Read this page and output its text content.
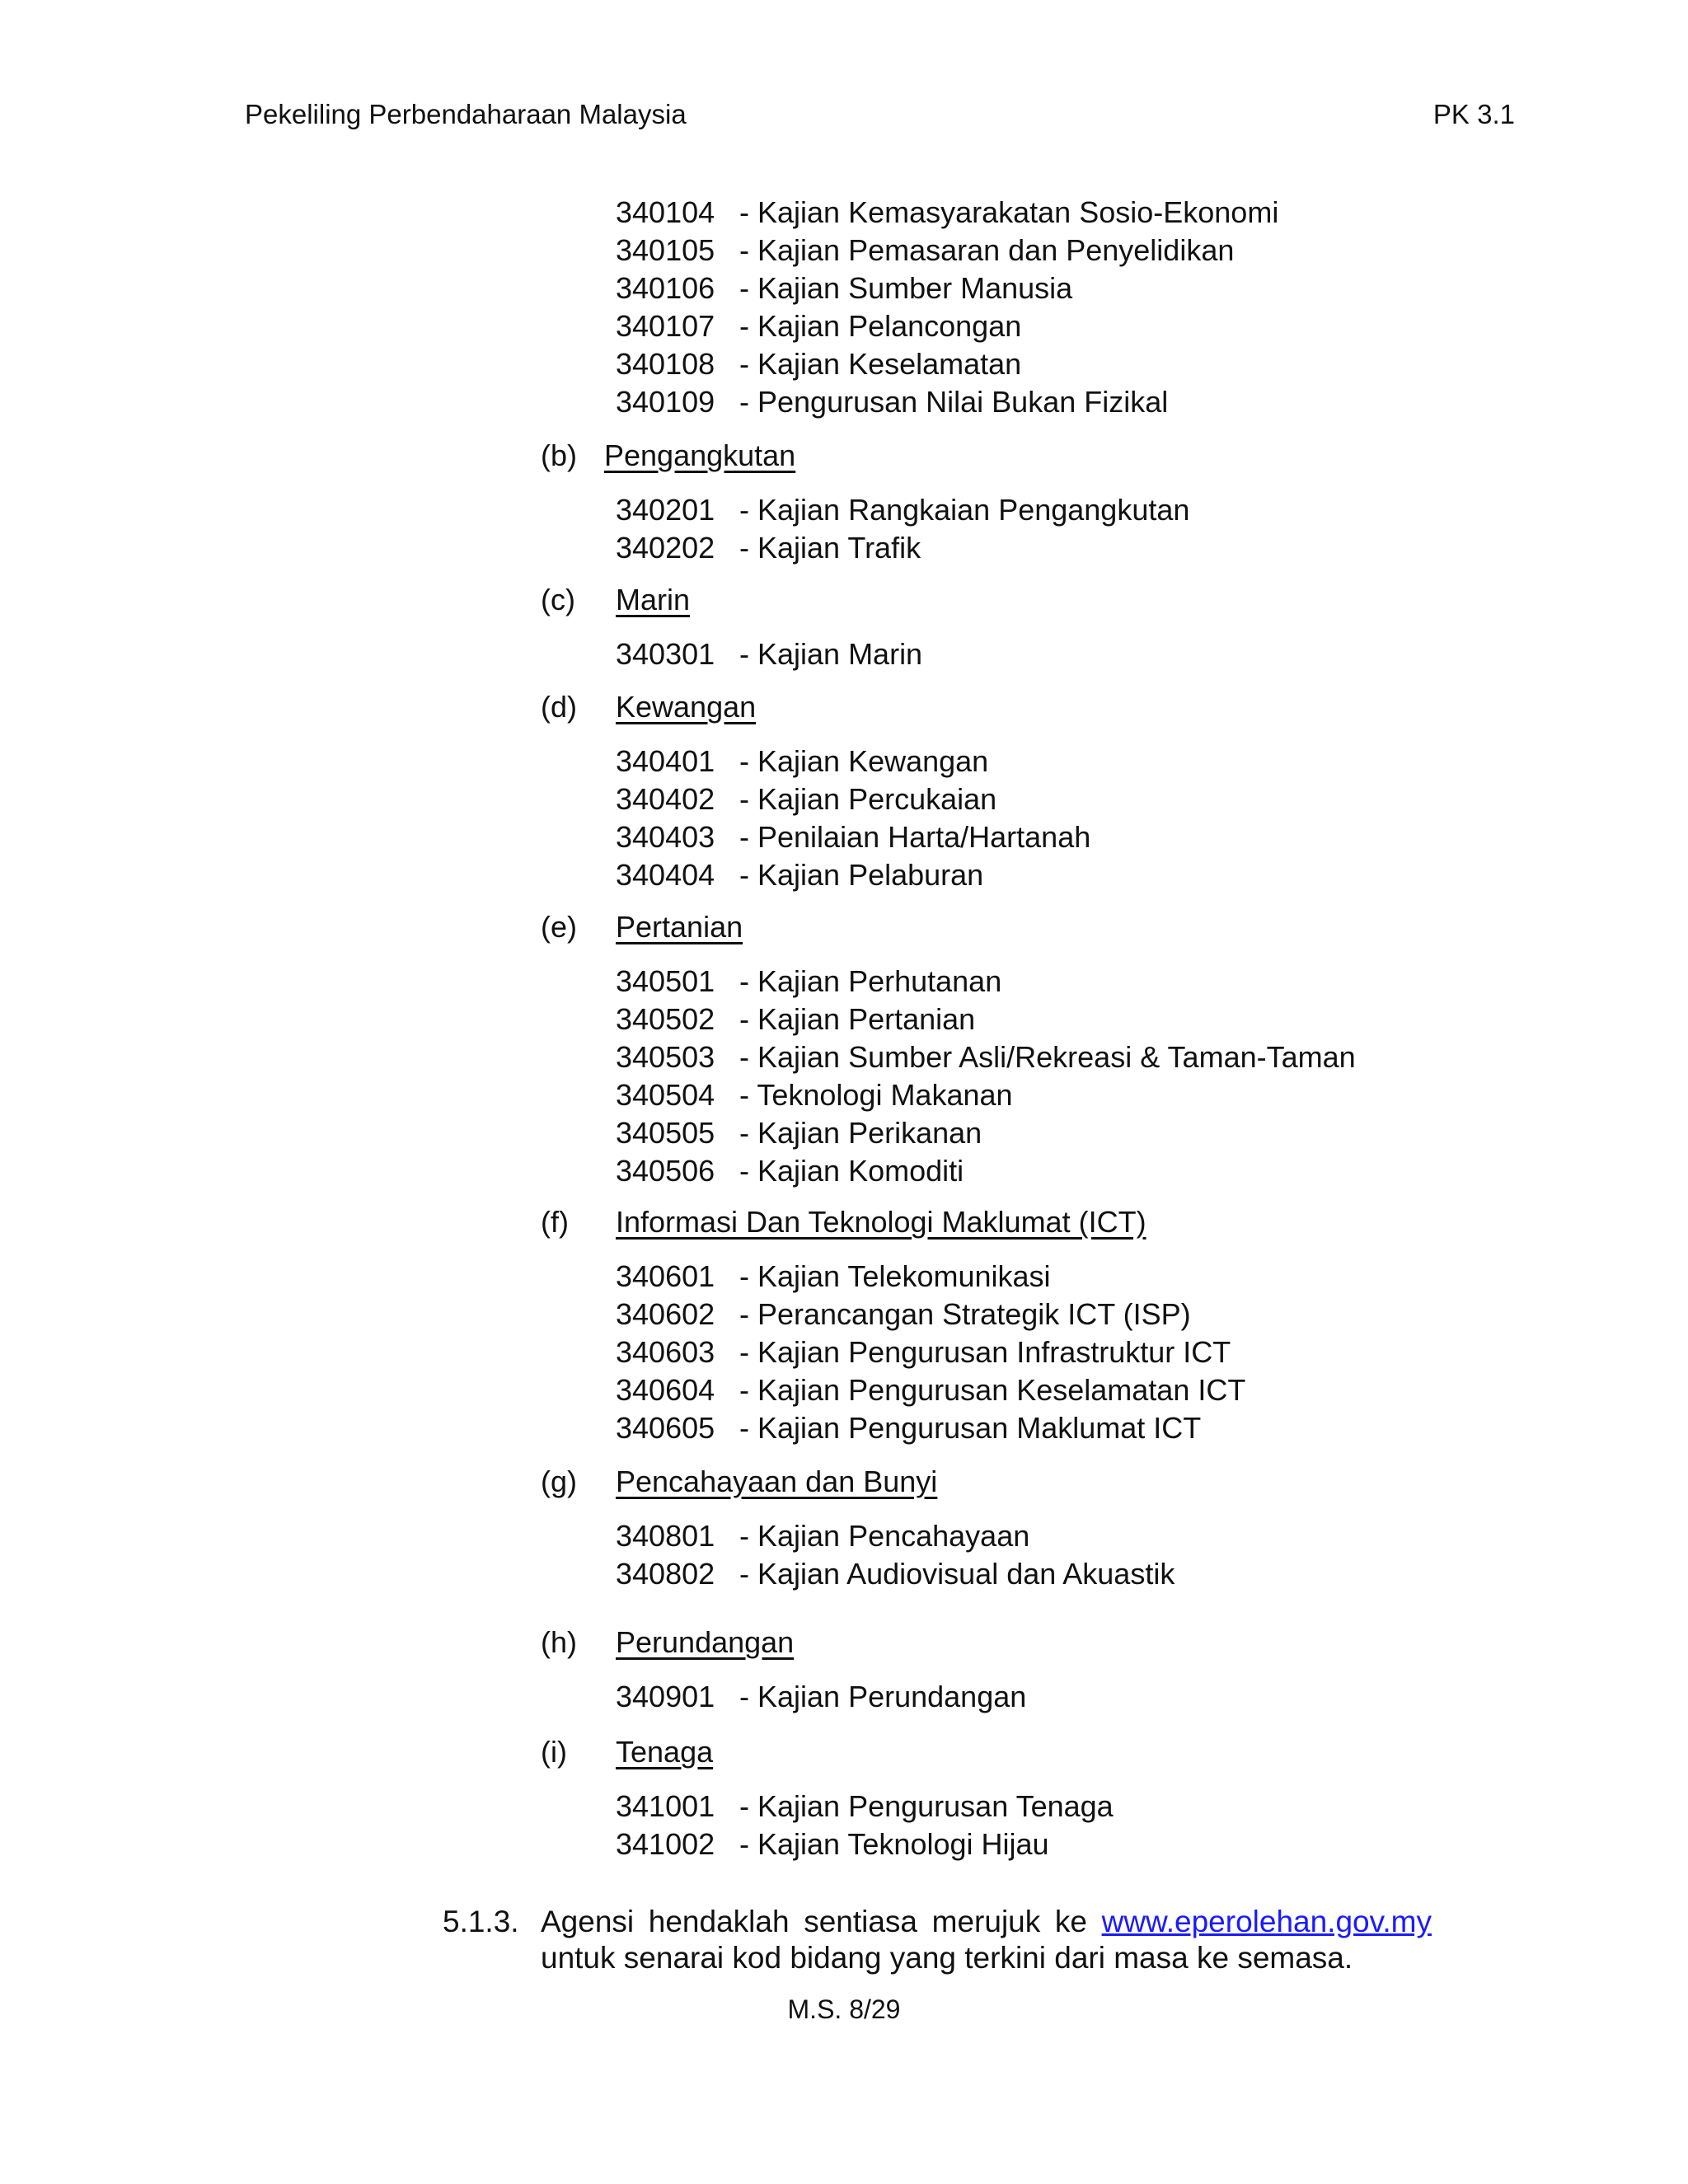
Pekeliling Perbendaharaan Malaysia	PK 3.1
340104 - Kajian Kemasyarakatan Sosio-Ekonomi
340105 - Kajian Pemasaran dan Penyelidikan
340106 - Kajian Sumber Manusia
340107 - Kajian Pelancongan
340108 - Kajian Keselamatan
340109 - Pengurusan Nilai Bukan Fizikal
(b) Pengangkutan
340201 - Kajian Rangkaian Pengangkutan
340202 - Kajian Trafik
(c) Marin
340301 - Kajian Marin
(d) Kewangan
340401 - Kajian Kewangan
340402 - Kajian Percukaian
340403 - Penilaian Harta/Hartanah
340404 - Kajian Pelaburan
(e) Pertanian
340501 - Kajian Perhutanan
340502 - Kajian Pertanian
340503 - Kajian Sumber Asli/Rekreasi & Taman-Taman
340504 - Teknologi Makanan
340505 - Kajian Perikanan
340506 - Kajian Komoditi
(f) Informasi Dan Teknologi Maklumat (ICT)
340601 - Kajian Telekomunikasi
340602 - Perancangan Strategik ICT (ISP)
340603 - Kajian Pengurusan Infrastruktur ICT
340604 - Kajian Pengurusan Keselamatan ICT
340605 - Kajian Pengurusan Maklumat ICT
(g) Pencahayaan dan Bunyi
340801 - Kajian Pencahayaan
340802 - Kajian Audiovisual dan Akuastik
(h) Perundangan
340901 - Kajian Perundangan
(i) Tenaga
341001 - Kajian Pengurusan Tenaga
341002 - Kajian Teknologi Hijau
5.1.3. Agensi hendaklah sentiasa merujuk ke www.eperolehan.gov.my
untuk senarai kod bidang yang terkini dari masa ke semasa.
M.S. 8/29
